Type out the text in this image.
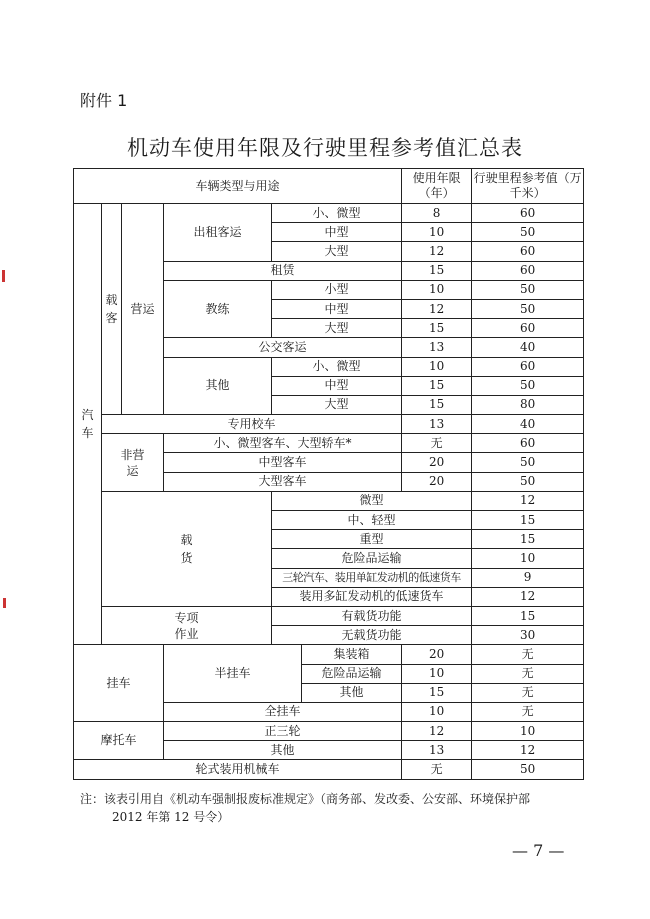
附件 1
机动车使用年限及行驶里程参考值汇总表
车辆类型与用途						使用年限（年）	行驶里程参考值（万千米）	
汽车	载客	营运	出租客运	小、微型		8	60	
				中型		10	50	
				大型		12	60	
			租赁			15	60	
			教练	小型		10	50	
				中型		12	50	
				大型		15	60	
			公交客运			13	40	
			其他	小、微型		10	60	
				中型		15	50	
				大型		15	80	
	专用校车					13	40	
	非营运		小、微型客车、大型轿车*			无	60	
			中型客车			20	50	
			大型客车			20	50	
	载货			微型			12	
				中、轻型			15	
				重型			15	
				危险品运输			10	
				三轮汽车、装用单缸发动机的低速货车			9	
				装用多缸发动机的低速货车			12	
	专项作业			有载货功能			15	
				无载货功能			30	
挂车			半挂车		集装箱	20	无	
					危险品运输	10	无	
					其他	15	无	
			全挂车			10	无	
摩托车			正三轮			12	10	
			其他			13	12	
轮式装用机械车						无	50	
注：该表引用自《机动车强制报废标准规定》（商务部、发改委、公安部、环境保护部
2012 年第 12 号令）
— 7 —
